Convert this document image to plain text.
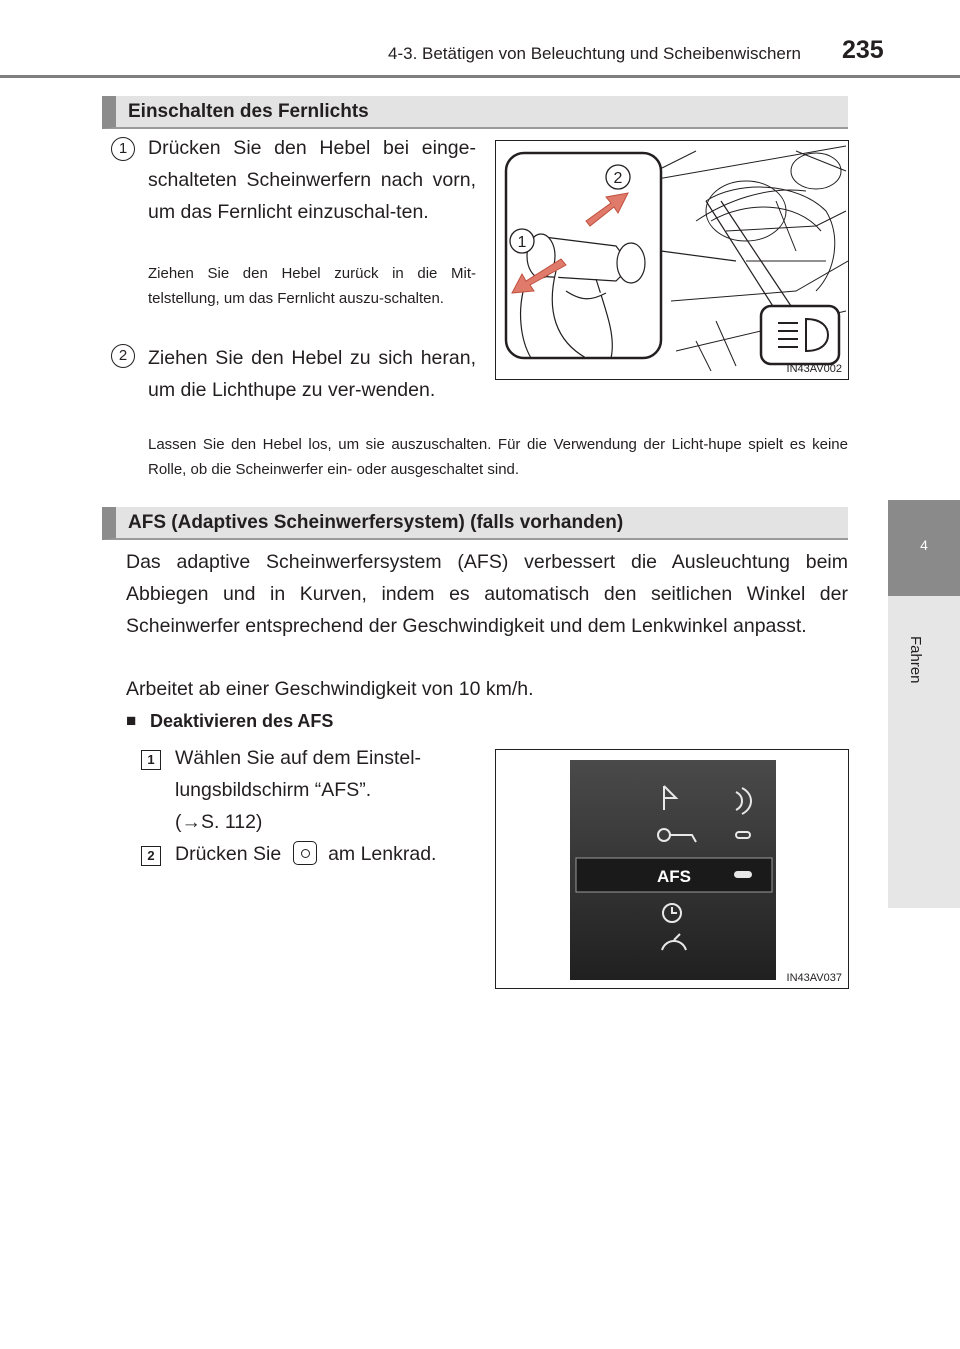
4-3. Betätigen von Beleuchtung und Scheibenwischern 235
4
Fahren
Einschalten des Fernlichts
1	Drücken Sie den Hebel bei einge-schalteten Scheinwerfern nach vorn, um das Fernlicht einzuschal-ten.
Ziehen Sie den Hebel zurück in die Mit-telstellung, um das Fernlicht auszu-schalten.
2	Ziehen Sie den Hebel zu sich heran, um die Lichthupe zu ver-wenden.
Lassen Sie den Hebel los, um sie auszuschalten. Für die Verwendung der Licht-hupe spielt es keine Rolle, ob die Scheinwerfer ein- oder ausgeschaltet sind.
2
1
IN43AV002
AFS (Adaptives Scheinwerfersystem) (falls vorhanden)
Das adaptive Scheinwerfersystem (AFS) verbessert die Ausleuchtung beim Abbiegen und in Kurven, indem es automatisch den seitlichen Winkel der Scheinwerfer entsprechend der Geschwindigkeit und dem Lenkwinkel anpasst.
Arbeitet ab einer Geschwindigkeit von 10 km/h.
■ Deaktivieren des AFS
1	Wählen Sie auf dem Einstel-
lungsbildschirm “AFS”.
(→S. 112)
2	Drücken Sie am Lenkrad.
AFS
IN43AV037
